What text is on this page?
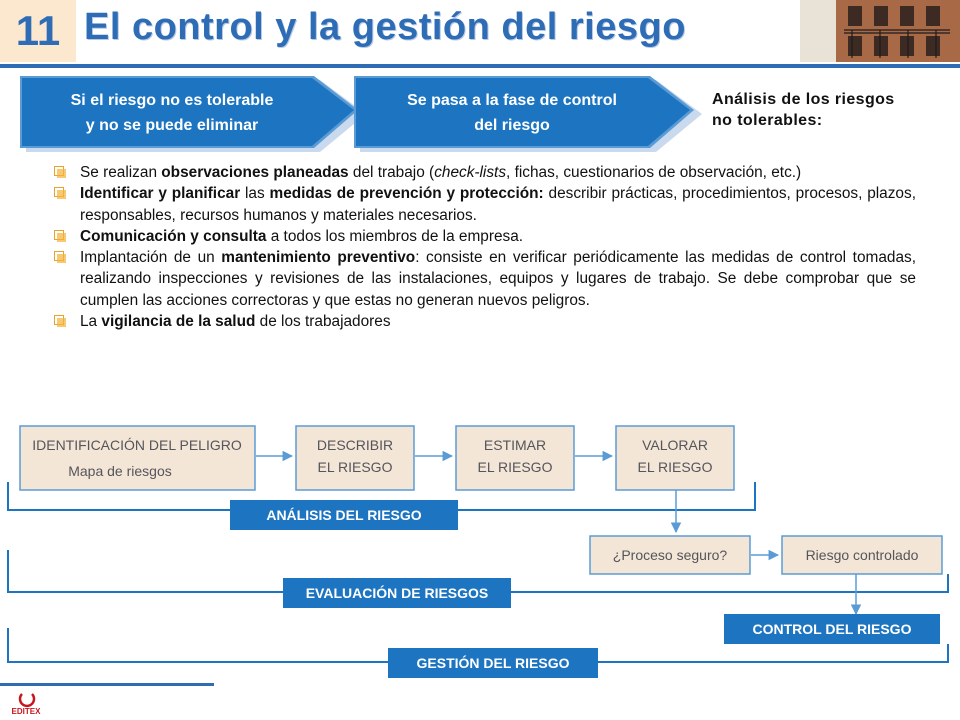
11 El control y la gestión del riesgo
Si el riesgo no es tolerable
y no se puede eliminar
Se pasa a la fase de control
del riesgo
Análisis de los riesgos
no tolerables:
Se realizan observaciones planeadas del trabajo (check-lists, fichas, cuestionarios de observación, etc.)
Identificar y planificar las medidas de prevención y protección: describir prácticas, procedimientos, procesos, plazos, responsables, recursos humanos y materiales necesarios.
Comunicación y consulta a todos los miembros de la empresa.
Implantación de un mantenimiento preventivo: consiste en verificar periódicamente las medidas de control tomadas, realizando inspecciones y revisiones de las instalaciones, equipos y lugares de trabajo. Se debe comprobar que se cumplen las acciones correctoras y que estas no generan nuevos peligros.
La vigilancia de la salud de los trabajadores
IDENTIFICACIÓN DEL PELIGRO
Mapa de riesgos
DESCRIBIR
EL RIESGO
ESTIMAR
EL RIESGO
VALORAR
EL RIESGO
¿Proceso seguro?	Riesgo controlado
ANÁLISIS DEL RIESGO
EVALUACIÓN DE RIESGOS
CONTROL DEL RIESGO
GESTIÓN DEL RIESGO
EDITEX
